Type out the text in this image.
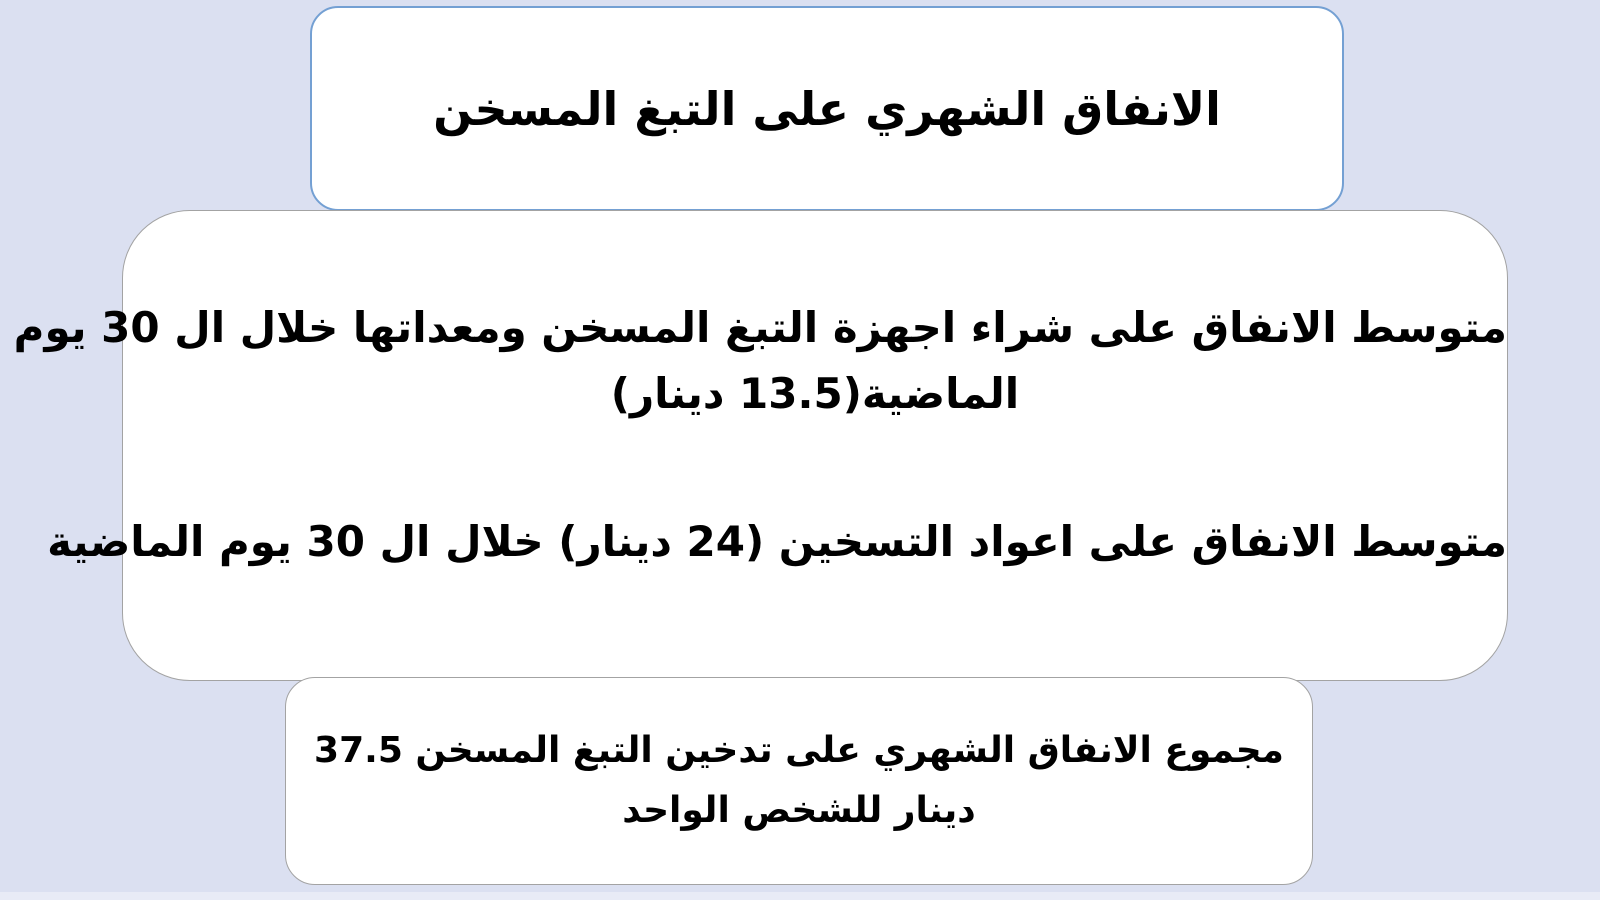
الانفاق الشهري على التبغ المسخن
متوسط الانفاق على شراء اجهزة التبغ المسخن ومعداتها خلال ال 30 يوم
الماضية(13.5 دينار)
متوسط الانفاق على اعواد التسخين (24 دينار) خلال ال 30 يوم الماضية
مجموع الانفاق الشهري على تدخين التبغ المسخن 37.5
دينار للشخص الواحد
